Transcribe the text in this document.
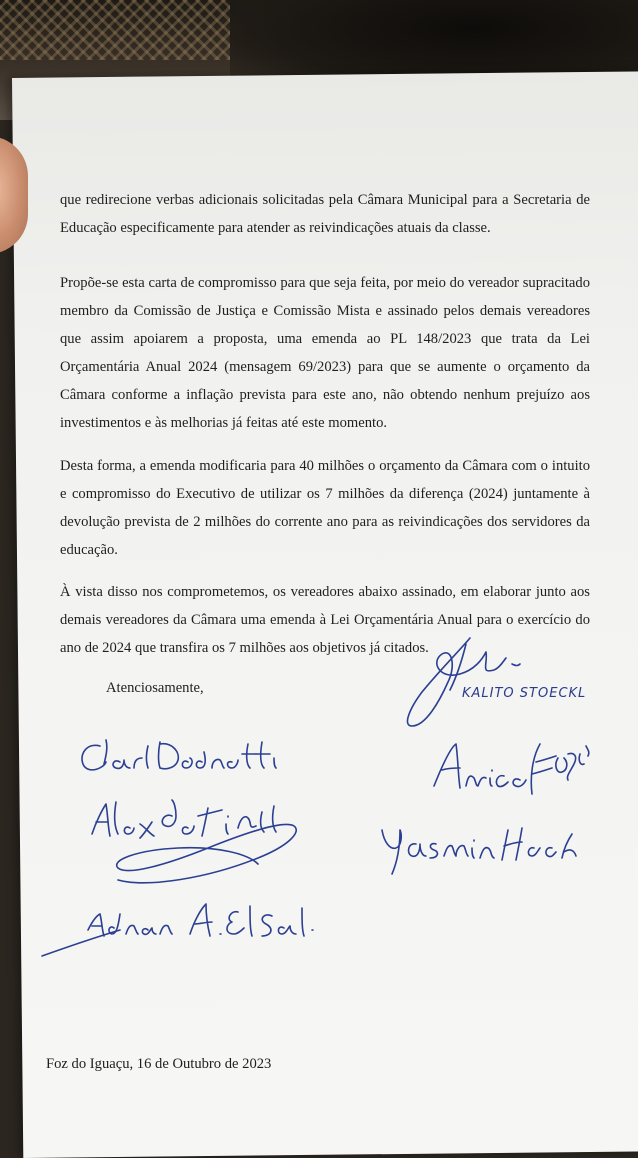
que redirecione verbas adicionais solicitadas pela Câmara Municipal para a Secretaria de Educação especificamente para atender as reivindicações atuais da classe.

Propõe-se esta carta de compromisso para que seja feita, por meio do vereador supracitado membro da Comissão de Justiça e Comissão Mista e assinado pelos demais vereadores que assim apoiarem a proposta, uma emenda ao PL 148/2023 que trata da Lei Orçamentária Anual 2024 (mensagem 69/2023) para que se aumente o orçamento da Câmara conforme a inflação prevista para este ano, não obtendo nenhum prejuízo aos investimentos e às melhorias já feitas até este momento.

Desta forma, a emenda modificaria para 40 milhões o orçamento da Câmara com o intuito e compromisso do Executivo de utilizar os 7 milhões da diferença (2024) juntamente à devolução prevista de 2 milhões do corrente ano para as reivindicações dos servidores da educação.

À vista disso nos comprometemos, os vereadores abaixo assinado, em elaborar junto aos demais vereadores da Câmara uma emenda à Lei Orçamentária Anual para o exercício do ano de 2024 que transfira os 7 milhões aos objetivos já citados.

Atenciosamente,	KALITO STOECKL

Foz do Iguaçu, 16 de Outubro de 2023
